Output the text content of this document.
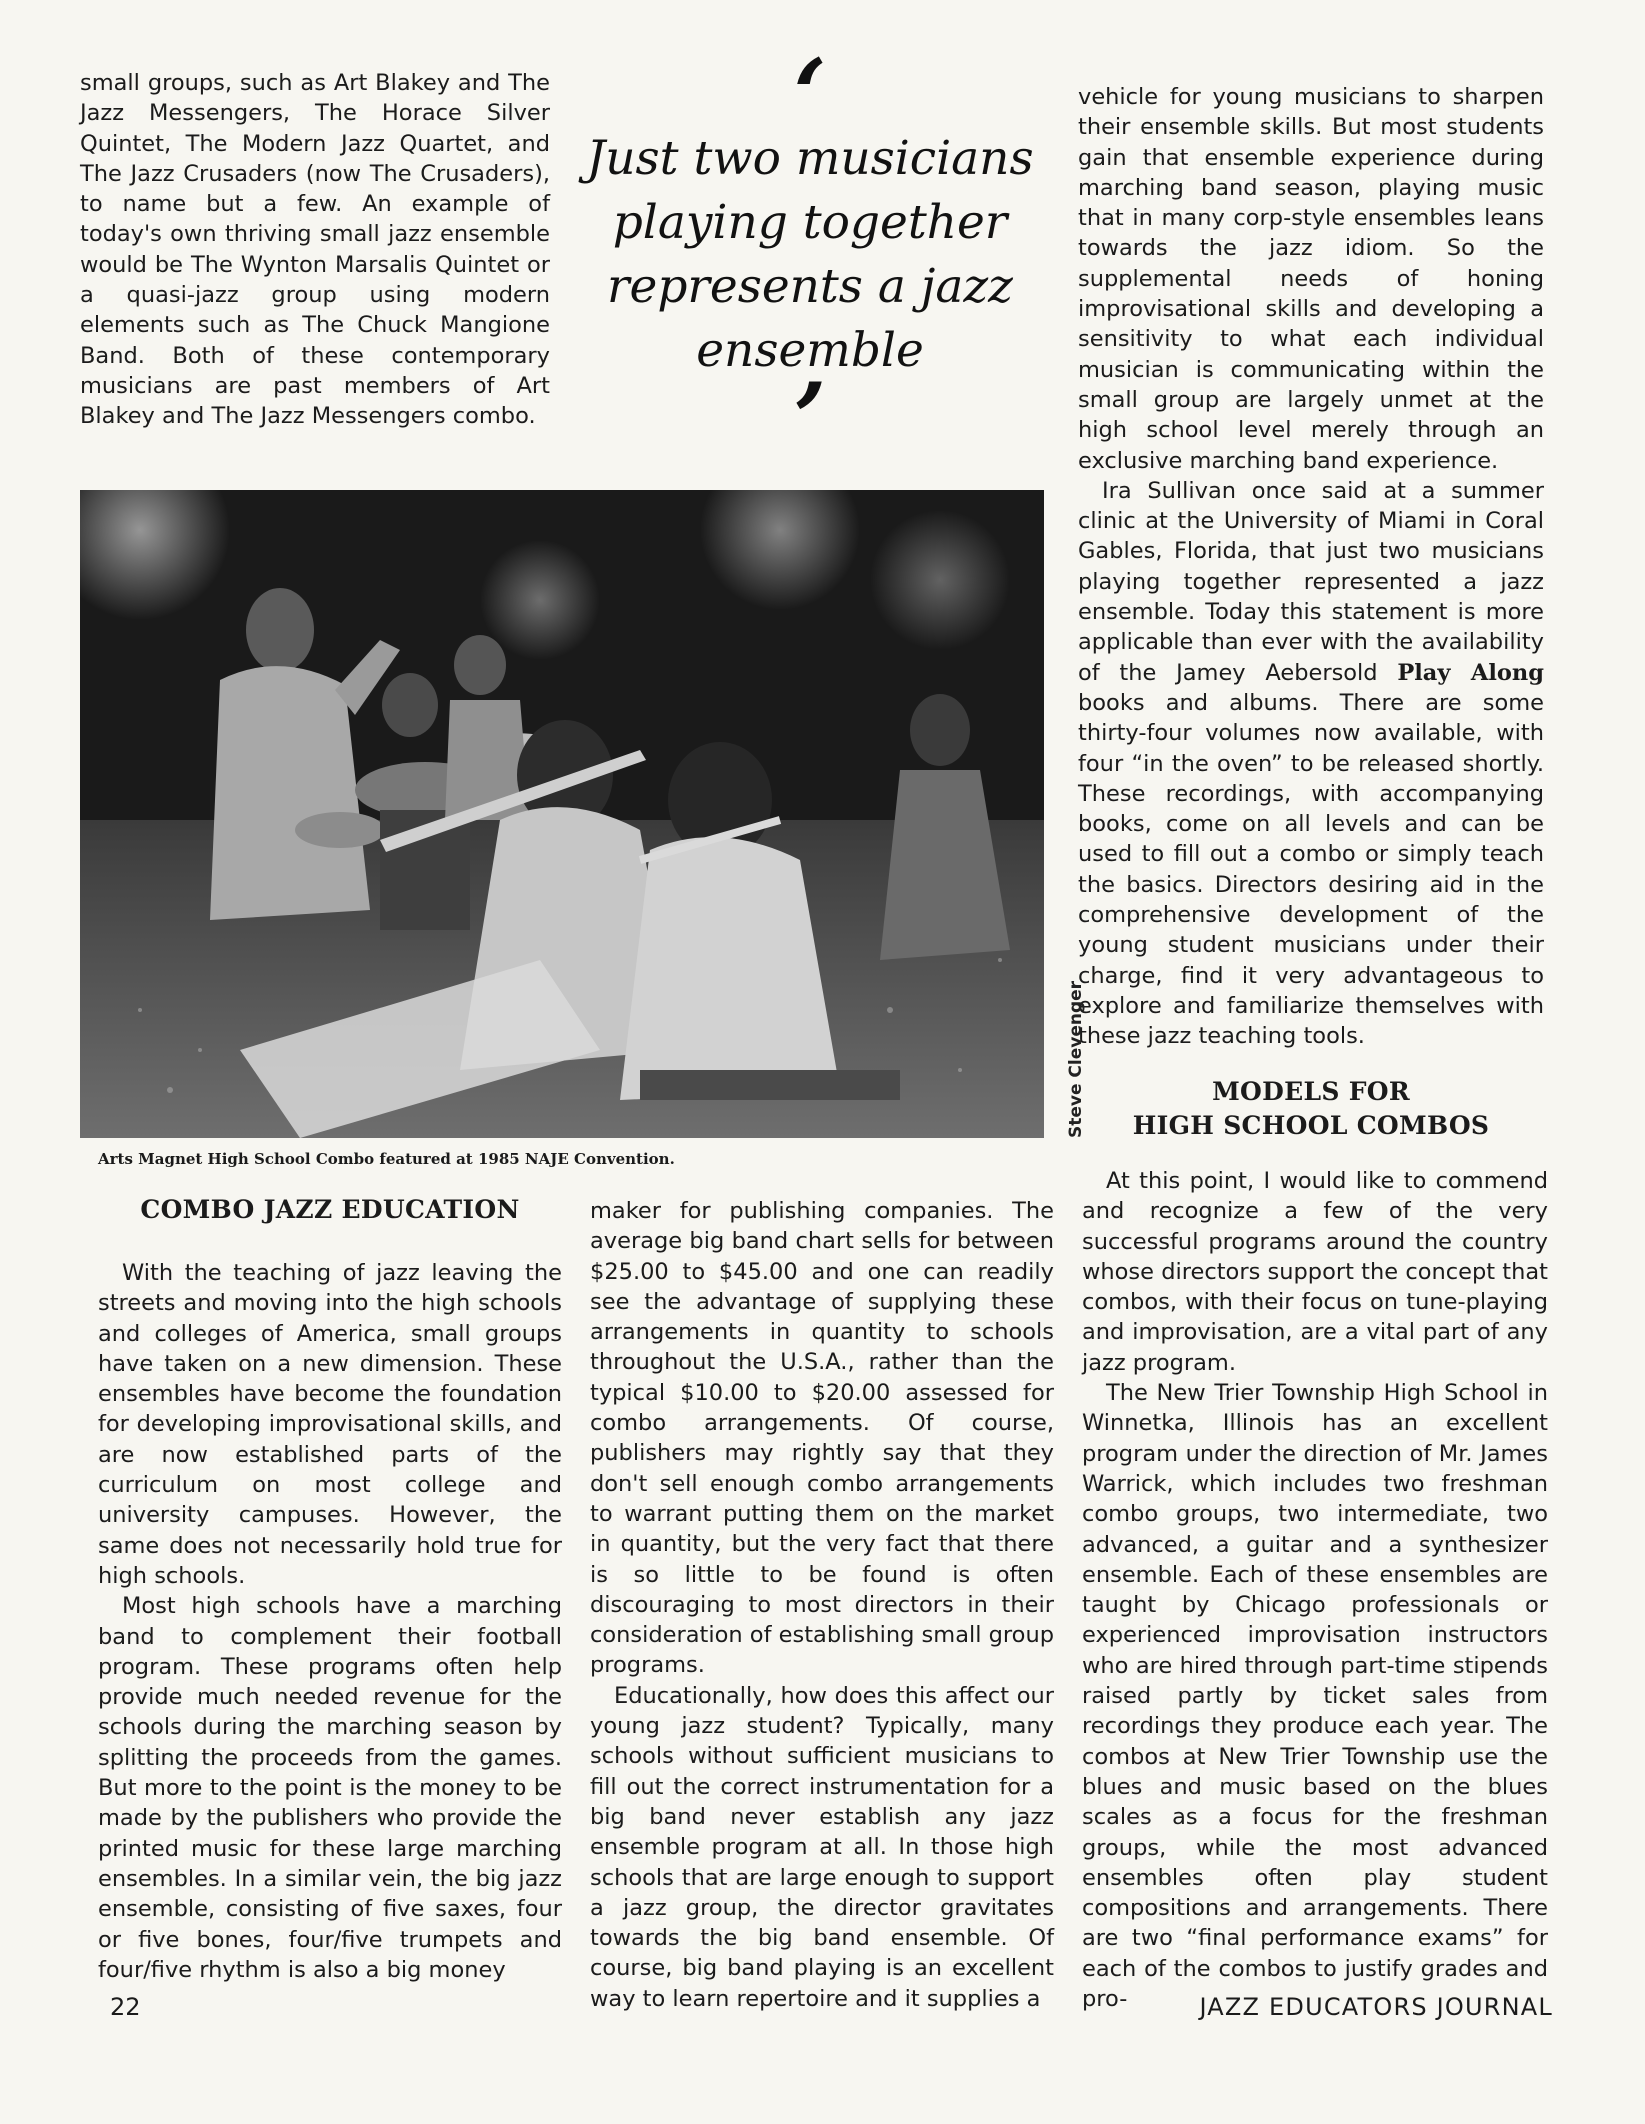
small groups, such as Art Blakey and The Jazz Messengers, The Horace Silver Quintet, The Modern Jazz Quartet, and The Jazz Crusaders (now The Crusaders), to name but a few. An example of today's own thriving small jazz ensemble would be The Wynton Marsalis Quintet or a quasi-jazz group using modern elements such as The Chuck Mangione Band. Both of these contemporary musicians are past members of Art Blakey and The Jazz Messengers combo.

‘
Just two musicians playing together represents a jazz ensemble
’

vehicle for young musicians to sharpen their ensemble skills. But most students gain that ensemble experience during marching band season, playing music that in many corp-style ensembles leans towards the jazz idiom. So the supplemental needs of honing improvisational skills and developing a sensitivity to what each individual musician is communicating within the small group are largely unmet at the high school level merely through an exclusive marching band experience.

Ira Sullivan once said at a summer clinic at the University of Miami in Coral Gables, Florida, that just two musicians playing together represented a jazz ensemble. Today this statement is more applicable than ever with the availability of the Jamey Aebersold Play Along books and albums. There are some thirty-four volumes now available, with four “in the oven” to be released shortly. These recordings, with accompanying books, come on all levels and can be used to fill out a combo or simply teach the basics. Directors desiring aid in the comprehensive development of the young student musicians under their charge, find it very advantageous to explore and familiarize themselves with these jazz teaching tools.

Steve Clevenger
Arts Magnet High School Combo featured at 1985 NAJE Convention.
COMBO JAZZ EDUCATION

With the teaching of jazz leaving the streets and moving into the high schools and colleges of America, small groups have taken on a new dimension. These ensembles have become the foundation for developing improvisational skills, and are now established parts of the curriculum on most college and university campuses. However, the same does not necessarily hold true for high schools.

Most high schools have a marching band to complement their football program. These programs often help provide much needed revenue for the schools during the marching season by splitting the proceeds from the games. But more to the point is the money to be made by the publishers who provide the printed music for these large marching ensembles. In a similar vein, the big jazz ensemble, consisting of five saxes, four or five bones, four/five trumpets and four/five rhythm is also a big money

maker for publishing companies. The average big band chart sells for between $25.00 to $45.00 and one can readily see the advantage of supplying these arrangements in quantity to schools throughout the U.S.A., rather than the typical $10.00 to $20.00 assessed for combo arrangements. Of course, publishers may rightly say that they don't sell enough combo arrangements to warrant putting them on the market in quantity, but the very fact that there is so little to be found is often discouraging to most directors in their consideration of establishing small group programs.

Educationally, how does this affect our young jazz student? Typically, many schools without sufficient musicians to fill out the correct instrumentation for a big band never establish any jazz ensemble program at all. In those high schools that are large enough to support a jazz group, the director gravitates towards the big band ensemble. Of course, big band playing is an excellent way to learn repertoire and it supplies a

MODELS FOR
HIGH SCHOOL COMBOS

At this point, I would like to commend and recognize a few of the very successful programs around the country whose directors support the concept that combos, with their focus on tune-playing and improvisation, are a vital part of any jazz program.

The New Trier Township High School in Winnetka, Illinois has an excellent program under the direction of Mr. James Warrick, which includes two freshman combo groups, two intermediate, two advanced, a guitar and a synthesizer ensemble. Each of these ensembles are taught by Chicago professionals or experienced improvisation instructors who are hired through part-time stipends raised partly by ticket sales from recordings they produce each year. The combos at New Trier Township use the blues and music based on the blues scales as a focus for the freshman groups, while the most advanced ensembles often play student compositions and arrangements. There are two “final performance exams” for each of the combos to justify grades and pro-

22	JAZZ EDUCATORS JOURNAL
